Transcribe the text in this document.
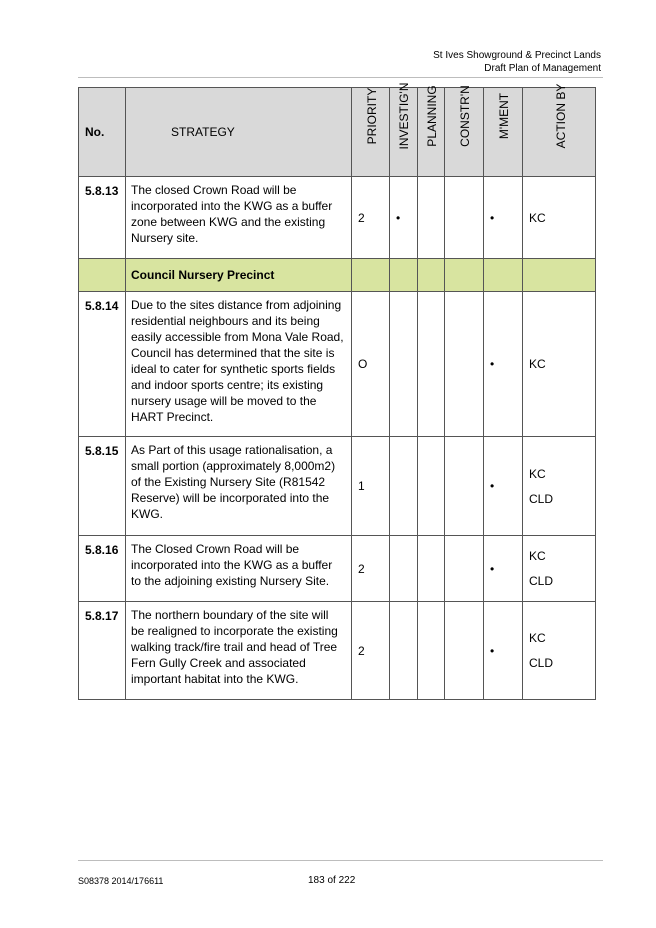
St Ives Showground & Precinct Lands
Draft Plan of Management
No.	STRATEGY	PRIORITY	INVESTIG'N	PLANNING	CONSTR'N	M'MENT	ACTION BY

5.8.13	The closed Crown Road will be incorporated into the KWG as a buffer zone between KWG and the existing Nursery site.	2	•			•	KC

	Council Nursery Precinct						
5.8.14	Due to the sites distance from adjoining residential neighbours and its being easily accessible from Mona Vale Road, Council has determined that the site is ideal to cater for synthetic sports fields and indoor sports centre; its existing nursery usage will be moved to the HART Precinct.	O				•	KC

5.8.15	As Part of this usage rationalisation, a small portion (approximately 8,000m2) of the Existing Nursery Site (R81542 Reserve) will be incorporated into the KWG.	1				•	KC
CLD

5.8.16	The Closed Crown Road will be incorporated into the KWG as a buffer to the adjoining existing Nursery Site.	2				•	KC
CLD

5.8.17	The northern boundary of the site will be realigned to incorporate the existing walking track/fire trail and head of Tree Fern Gully Creek and associated important habitat into the KWG.	2				•	KC
CLD
S08378 2014/176611	183 of 222
